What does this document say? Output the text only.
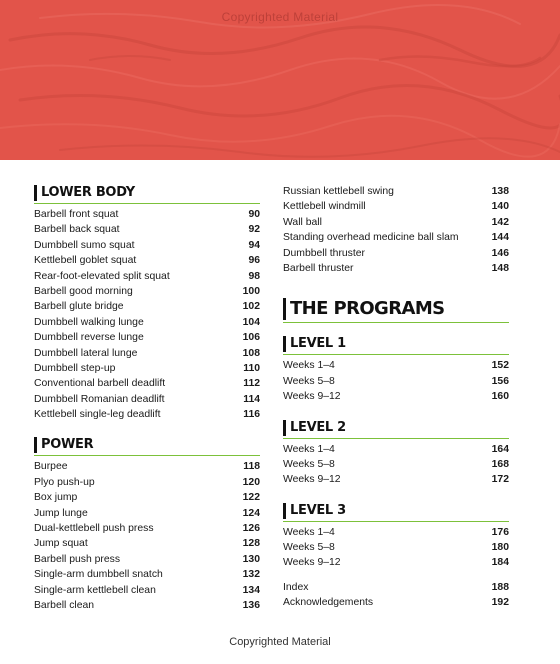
Copyrighted Material
LOWER BODY
Barbell front squat	90
Barbell back squat	92
Dumbbell sumo squat	94
Kettlebell goblet squat	96
Rear-foot-elevated split squat	98
Barbell good morning	100
Barbell glute bridge	102
Dumbbell walking lunge	104
Dumbbell reverse lunge	106
Dumbbell lateral lunge	108
Dumbbell step-up	110
Conventional barbell deadlift	112
Dumbbell Romanian deadlift	114
Kettlebell single-leg deadlift	116
POWER
Burpee	118
Plyo push-up	120
Box jump	122
Jump lunge	124
Dual-kettlebell push press	126
Jump squat	128
Barbell push press	130
Single-arm dumbbell snatch	132
Single-arm kettlebell clean	134
Barbell clean	136
Russian kettlebell swing	138
Kettlebell windmill	140
Wall ball	142
Standing overhead medicine ball slam	144
Dumbbell thruster	146
Barbell thruster	148
THE PROGRAMS
LEVEL 1
Weeks 1–4	152
Weeks 5–8	156
Weeks 9–12	160
LEVEL 2
Weeks 1–4	164
Weeks 5–8	168
Weeks 9–12	172
LEVEL 3
Weeks 1–4	176
Weeks 5–8	180
Weeks 9–12	184
Index	188
Acknowledgements	192
Copyrighted Material
